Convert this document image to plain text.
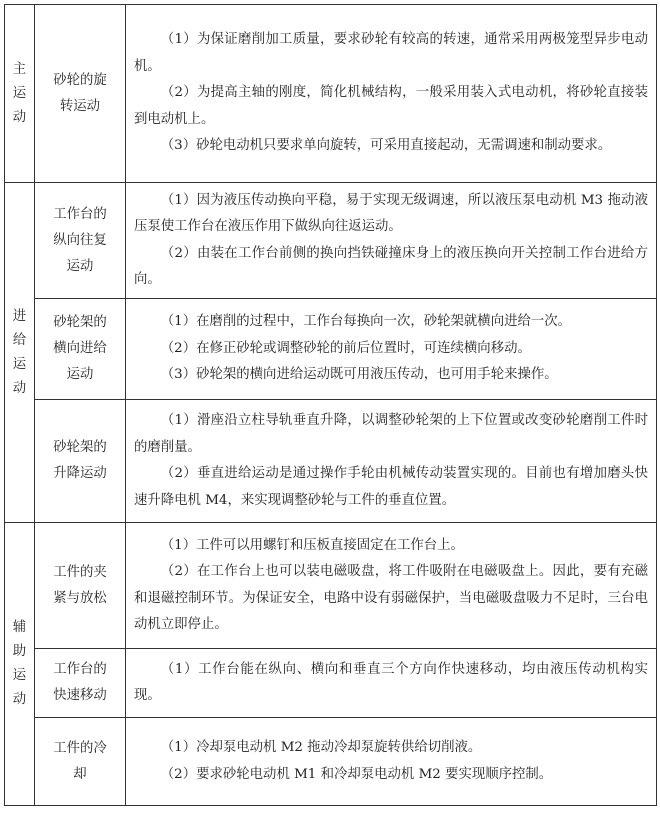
主运动	砂轮的旋转运动	（1）为保证磨削加工质量，要求砂轮有较高的转速，通常采用两极笼型异步电动机。

（2）为提高主轴的刚度，简化机械结构，一般采用装入式电动机，将砂轮直接装到电动机上。

（3）砂轮电动机只要求单向旋转，可采用直接起动，无需调速和制动要求。

进给运动	工作台的纵向往复运动	（1）因为液压传动换向平稳，易于实现无级调速，所以液压泵电动机 M3 拖动液压泵使工作台在液压作用下做纵向往返运动。

（2）由装在工作台前侧的换向挡铁碰撞床身上的液压换向开关控制工作台进给方向。

	砂轮架的横向进给运动	（1）在磨削的过程中，工作台每换向一次，砂轮架就横向进给一次。

（2）在修正砂轮或调整砂轮的前后位置时，可连续横向移动。

（3）砂轮架的横向进给运动既可用液压传动，也可用手轮来操作。

	砂轮架的升降运动	（1）滑座沿立柱导轨垂直升降，以调整砂轮架的上下位置或改变砂轮磨削工件时的磨削量。

（2）垂直进给运动是通过操作手轮由机械传动装置实现的。目前也有增加磨头快速升降电机 M4，来实现调整砂轮与工件的垂直位置。

辅助运动	工件的夹紧与放松	（1）工件可以用螺钉和压板直接固定在工作台上。

（2）在工作台上也可以装电磁吸盘，将工件吸附在电磁吸盘上。因此，要有充磁和退磁控制环节。为保证安全，电路中设有弱磁保护，当电磁吸盘吸力不足时，三台电动机立即停止。

	工作台的快速移动	（1）工作台能在纵向、横向和垂直三个方向作快速移动，均由液压传动机构实现。

	工件的冷却	（1）冷却泵电动机 M2 拖动冷却泵旋转供给切削液。

（2）要求砂轮电动机 M1 和冷却泵电动机 M2 要实现顺序控制。
